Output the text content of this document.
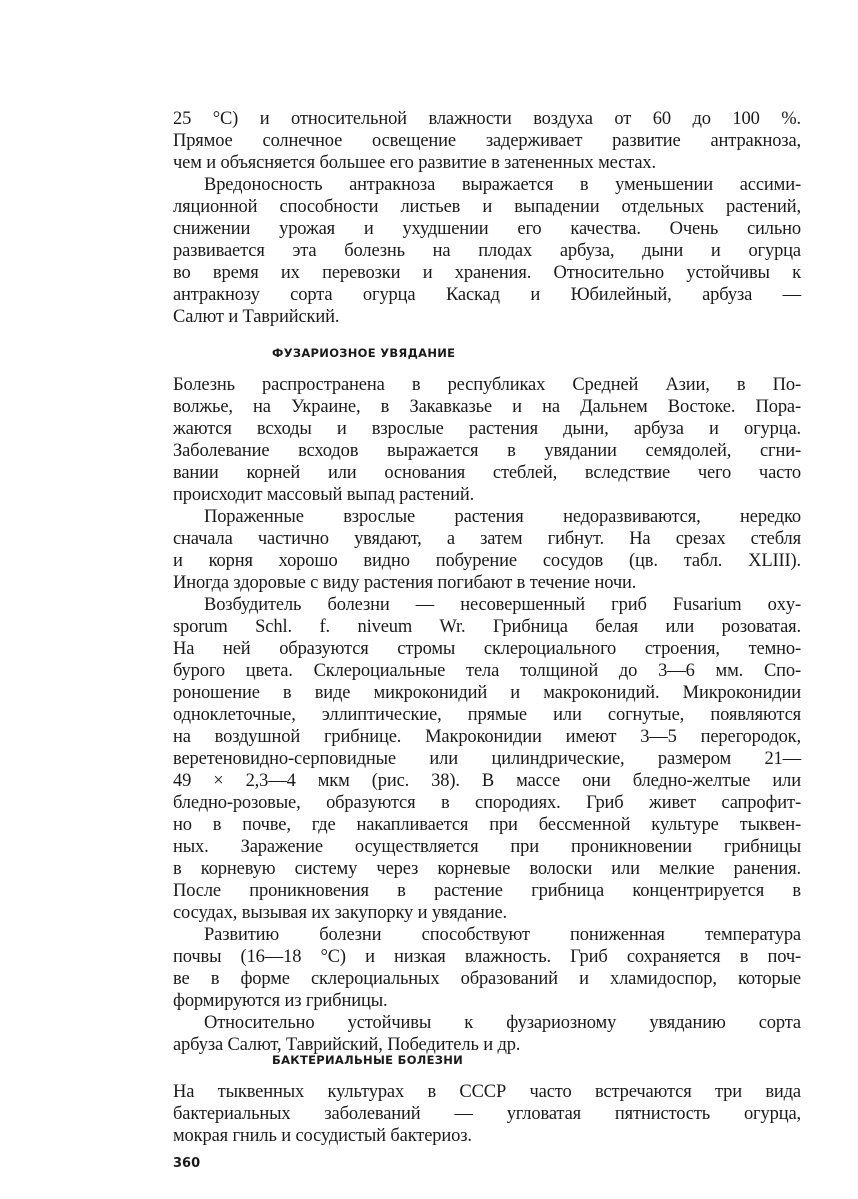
25 °C) и относительной влажности воздуха от 60 до 100 %.
Прямое солнечное освещение задерживает развитие антракноза,
чем и объясняется большее его развитие в затененных местах.
Вредоносность антракноза выражается в уменьшении ассими-
ляционной способности листьев и выпадении отдельных растений,
снижении урожая и ухудшении его качества. Очень сильно
развивается эта болезнь на плодах арбуза, дыни и огурца
во время их перевозки и хранения. Относительно устойчивы к
антракнозу сорта огурца Каскад и Юбилейный, арбуза —
Салют и Таврийский.
ФУЗАРИОЗНОЕ УВЯДАНИЕ
Болезнь распространена в республиках Средней Азии, в По-
волжье, на Украине, в Закавказье и на Дальнем Востоке. Пора-
жаются всходы и взрослые растения дыни, арбуза и огурца.
Заболевание всходов выражается в увядании семядолей, сгни-
вании корней или основания стеблей, вследствие чего часто
происходит массовый выпад растений.
Пораженные взрослые растения недоразвиваются, нередко
сначала частично увядают, а затем гибнут. На срезах стебля
и корня хорошо видно побурение сосудов (цв. табл. XLIII).
Иногда здоровые с виду растения погибают в течение ночи.
Возбудитель болезни — несовершенный гриб Fusarium oxy-
sporum Schl. f. niveum Wr. Грибница белая или розоватая.
На ней образуются стромы склероциального строения, темно-
бурого цвета. Склероциальные тела толщиной до 3—6 мм. Спо-
роношение в виде микроконидий и макроконидий. Микроконидии
одноклеточные, эллиптические, прямые или согнутые, появляются
на воздушной грибнице. Макроконидии имеют 3—5 перегородок,
веретеновидно-серповидные или цилиндрические, размером 21—
49 × 2,3—4 мкм (рис. 38). В массе они бледно-желтые или
бледно-розовые, образуются в спородиях. Гриб живет сапрофит-
но в почве, где накапливается при бессменной культуре тыквен-
ных. Заражение осуществляется при проникновении грибницы
в корневую систему через корневые волоски или мелкие ранения.
После проникновения в растение грибница концентрируется в
сосудах, вызывая их закупорку и увядание.
Развитию болезни способствуют пониженная температура
почвы (16—18 °C) и низкая влажность. Гриб сохраняется в поч-
ве в форме склероциальных образований и хламидоспор, которые
формируются из грибницы.
Относительно устойчивы к фузариозному увяданию сорта
арбуза Салют, Таврийский, Победитель и др.
БАКТЕРИАЛЬНЫЕ БОЛЕЗНИ
На тыквенных культурах в СССР часто встречаются три вида
бактериальных заболеваний — угловатая пятнистость огурца,
мокрая гниль и сосудистый бактериоз.
360
